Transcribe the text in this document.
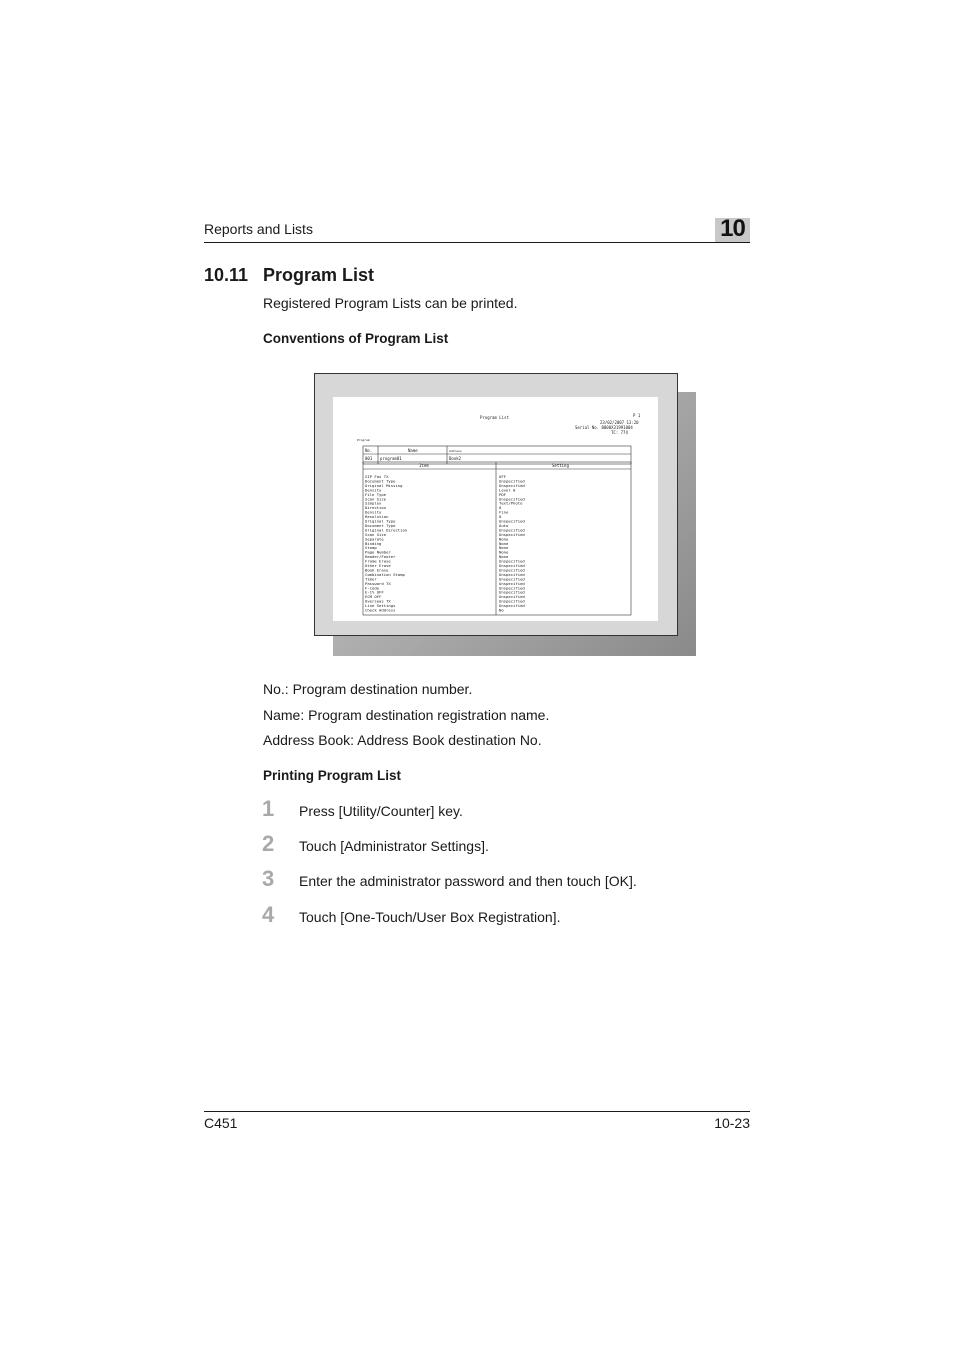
Reports and Lists	10
10.11 Program List
Registered Program Lists can be printed.
Conventions of Program List
Program List	P 1
23/02/2007 13:20
Serial No. B000X31991004
TC: 774
Program
No.	Name	Address
001 program01	Book2
Item	Setting
SIP Fax TX	OFF
Document Type	Unspecified
Original Missing	Unspecified
Density	Level 0
File Type	PDF
Scan Size	Unspecified
Simplex	Text/Photo
Direction	0
Density	Fine
Resolution	0
Original Type	Unspecified
Document Type	Auto
Original Direction	Unspecified
Scan Size	Unspecified
Separate	None
Binding	None
Stamp	None
Page Number	None
Header/Footer	None
Frame Erase	Unspecified
Other Erase	Unspecified
Book Erase	Unspecified
Combination Stamp	Unspecified
Timer	Unspecified
Password TX	Unspecified
F-code	Unspecified
E-1% OFF	Unspecified
ECM OFF	Unspecified
Overseas TX	Unspecified
Line Settings	Unspecified
Check Address	No
No.: Program destination number.
Name: Program destination registration name.
Address Book: Address Book destination No.
Printing Program List
1 Press [Utility/Counter] key.
2 Touch [Administrator Settings].
3 Enter the administrator password and then touch [OK].
4 Touch [One-Touch/User Box Registration].
C451	10-23
